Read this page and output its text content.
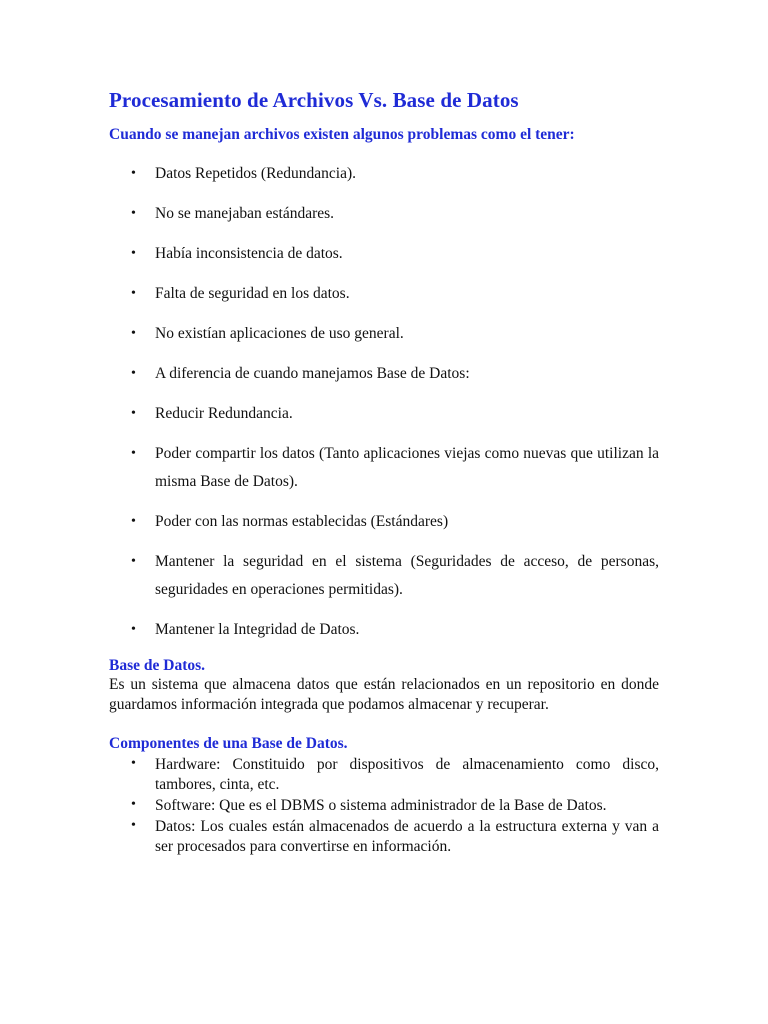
Procesamiento de Archivos Vs. Base de Datos

Cuando se manejan archivos existen algunos problemas como el tener:

• Datos Repetidos (Redundancia).
• No se manejaban estándares.
• Había inconsistencia de datos.
• Falta de seguridad en los datos.
• No existían aplicaciones de uso general.
• A diferencia de cuando manejamos Base de Datos:
• Reducir Redundancia.
• Poder compartir los datos (Tanto aplicaciones viejas como nuevas que utilizan la misma Base de Datos).
• Poder con las normas establecidas (Estándares)
• Mantener la seguridad en el sistema (Seguridades de acceso, de personas, seguridades en operaciones permitidas).
• Mantener la Integridad de Datos.
Base de Datos.

Es un sistema que almacena datos que están relacionados en un repositorio en donde guardamos información integrada que podamos almacenar y recuperar.

Componentes de una Base de Datos.
• Hardware: Constituido por dispositivos de almacenamiento como disco, tambores, cinta, etc.
• Software: Que es el DBMS o sistema administrador de la Base de Datos.
• Datos: Los cuales están almacenados de acuerdo a la estructura externa y van a ser procesados para convertirse en información.
